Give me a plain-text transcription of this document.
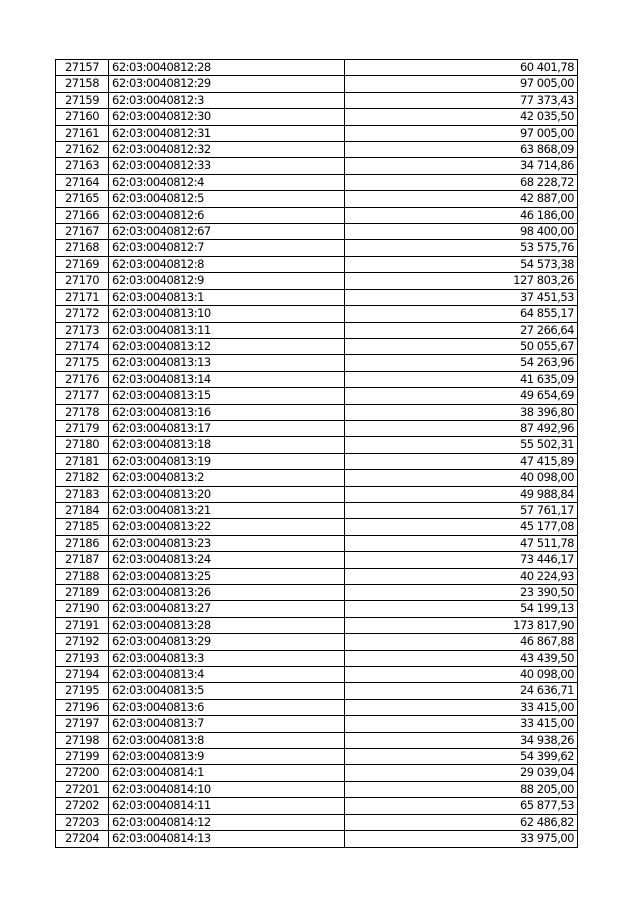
27157	62:03:0040812:28	60 401,78
27158	62:03:0040812:29	97 005,00
27159	62:03:0040812:3	77 373,43
27160	62:03:0040812:30	42 035,50
27161	62:03:0040812:31	97 005,00
27162	62:03:0040812:32	63 868,09
27163	62:03:0040812:33	34 714,86
27164	62:03:0040812:4	68 228,72
27165	62:03:0040812:5	42 887,00
27166	62:03:0040812:6	46 186,00
27167	62:03:0040812:67	98 400,00
27168	62:03:0040812:7	53 575,76
27169	62:03:0040812:8	54 573,38
27170	62:03:0040812:9	127 803,26
27171	62:03:0040813:1	37 451,53
27172	62:03:0040813:10	64 855,17
27173	62:03:0040813:11	27 266,64
27174	62:03:0040813:12	50 055,67
27175	62:03:0040813:13	54 263,96
27176	62:03:0040813:14	41 635,09
27177	62:03:0040813:15	49 654,69
27178	62:03:0040813:16	38 396,80
27179	62:03:0040813:17	87 492,96
27180	62:03:0040813:18	55 502,31
27181	62:03:0040813:19	47 415,89
27182	62:03:0040813:2	40 098,00
27183	62:03:0040813:20	49 988,84
27184	62:03:0040813:21	57 761,17
27185	62:03:0040813:22	45 177,08
27186	62:03:0040813:23	47 511,78
27187	62:03:0040813:24	73 446,17
27188	62:03:0040813:25	40 224,93
27189	62:03:0040813:26	23 390,50
27190	62:03:0040813:27	54 199,13
27191	62:03:0040813:28	173 817,90
27192	62:03:0040813:29	46 867,88
27193	62:03:0040813:3	43 439,50
27194	62:03:0040813:4	40 098,00
27195	62:03:0040813:5	24 636,71
27196	62:03:0040813:6	33 415,00
27197	62:03:0040813:7	33 415,00
27198	62:03:0040813:8	34 938,26
27199	62:03:0040813:9	54 399,62
27200	62:03:0040814:1	29 039,04
27201	62:03:0040814:10	88 205,00
27202	62:03:0040814:11	65 877,53
27203	62:03:0040814:12	62 486,82
27204	62:03:0040814:13	33 975,00
